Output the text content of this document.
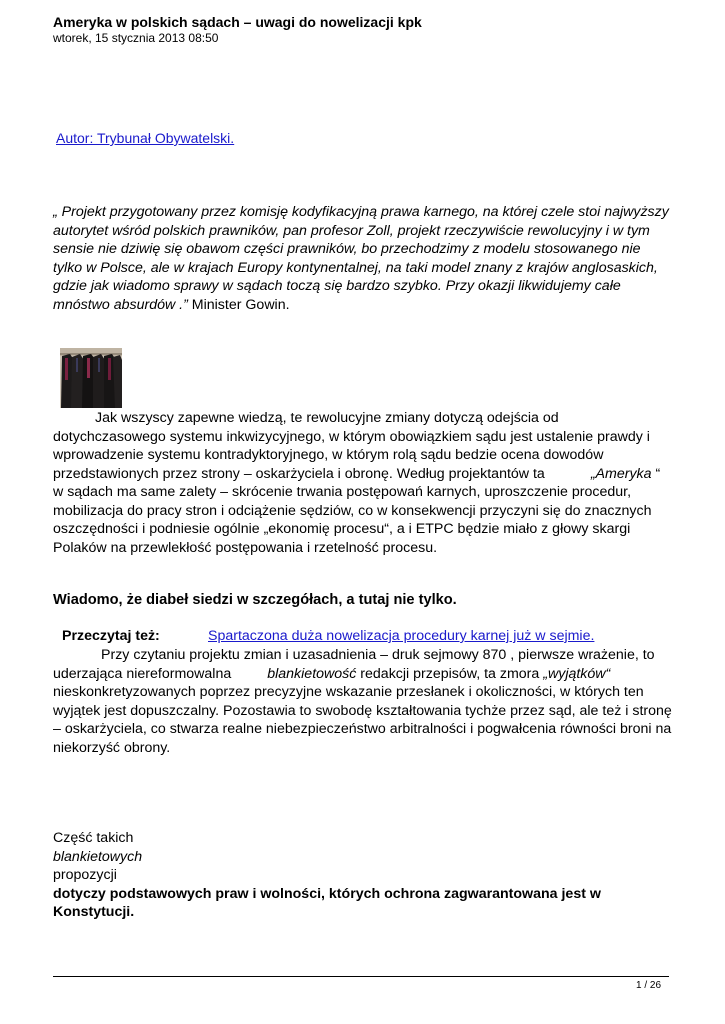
Ameryka w polskich sądach – uwagi do nowelizacji kpk
wtorek, 15 stycznia 2013 08:50
Autor: Trybunał Obywatelski.
„ Projekt przygotowany przez komisję kodyfikacyjną prawa karnego, na której czele stoi najwyższy autorytet wśród polskich prawników, pan profesor Zoll, projekt rzeczywiście rewolucyjny i w tym sensie nie dziwię się obawom części prawników, bo przechodzimy z modelu stosowanego nie tylko w Polsce, ale w krajach Europy kontynentalnej, na taki model znany z krajów anglosaskich, gdzie jak wiadomo sprawy w sądach toczą się bardzo szybko. Przy okazji likwidujemy całe mnóstwo absurdów .” Minister Gowin.
Jak wszyscy zapewne wiedzą, te rewolucyjne zmiany dotyczą odejścia od dotychczasowego systemu inkwizycyjnego, w którym obowiązkiem sądu jest ustalenie prawdy i wprowadzenie systemu kontradyktoryjnego, w którym rolą sądu bedzie ocena dowodów przedstawionych przez strony – oskarżyciela i obronę. Według projektantów ta	„Ameryka “ w sądach ma same zalety – skrócenie trwania postępowań karnych, uproszczenie procedur, mobilizacja do pracy stron i odciążenie sędziów, co w konsekwencji przyczyni się do znacznych oszczędności i podniesie ogólnie „ekonomię procesu“, a i ETPC będzie miało z głowy skargi Polaków na przewlekłość postępowania i rzetelność procesu.
Wiadomo, że diabeł siedzi w szczegółach, a tutaj nie tylko.
Przeczytaj też:	Spartaczona duża nowelizacja procedury karnej już w sejmie.
Przy czytaniu projektu zmian i uzasadnienia – druk sejmowy 870 , pierwsze wrażenie, to uderzająca niereformowalna	blankietowość redakcji przepisów, ta zmora „wyjątków“ nieskonkretyzowanych poprzez precyzyjne wskazanie przesłanek i okoliczności, w których ten wyjątek jest dopuszczalny. Pozostawia to swobodę kształtowania tychże przez sąd, ale też i stronę – oskarżyciela, co stwarza realne niebezpieczeństwo arbitralności i pogwałcenia równości broni na niekorzyść obrony.
Część takich
blankietowych
propozycji
dotyczy podstawowych praw i wolności, których ochrona zagwarantowana jest w Konstytucji.
1 / 26
